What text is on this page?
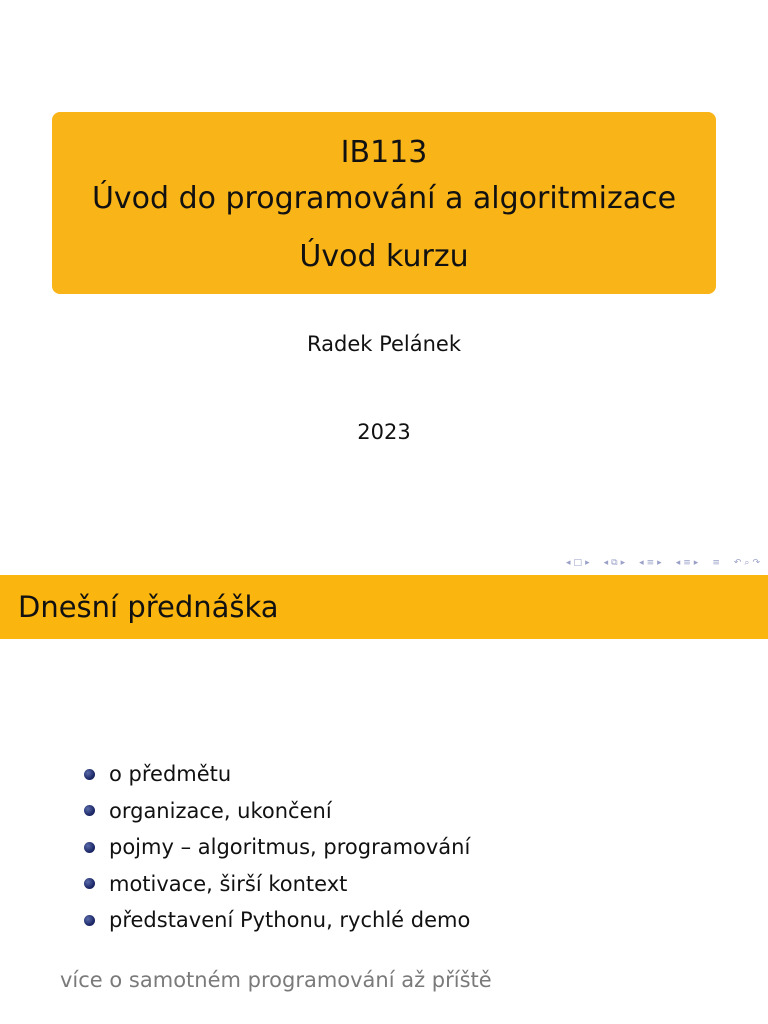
IB113
Úvod do programování a algoritmizace
Úvod kurzu
Radek Pelánek
2023
◂ □ ▸ ◂ ⧉ ▸ ◂ ≡ ▸ ◂ ≡ ▸ ≡ ↶ ⌕ ↷
Dnešní přednáška
o předmětu
organizace, ukončení
pojmy – algoritmus, programování
motivace, širší kontext
představení Pythonu, rychlé demo
více o samotném programování až příště
